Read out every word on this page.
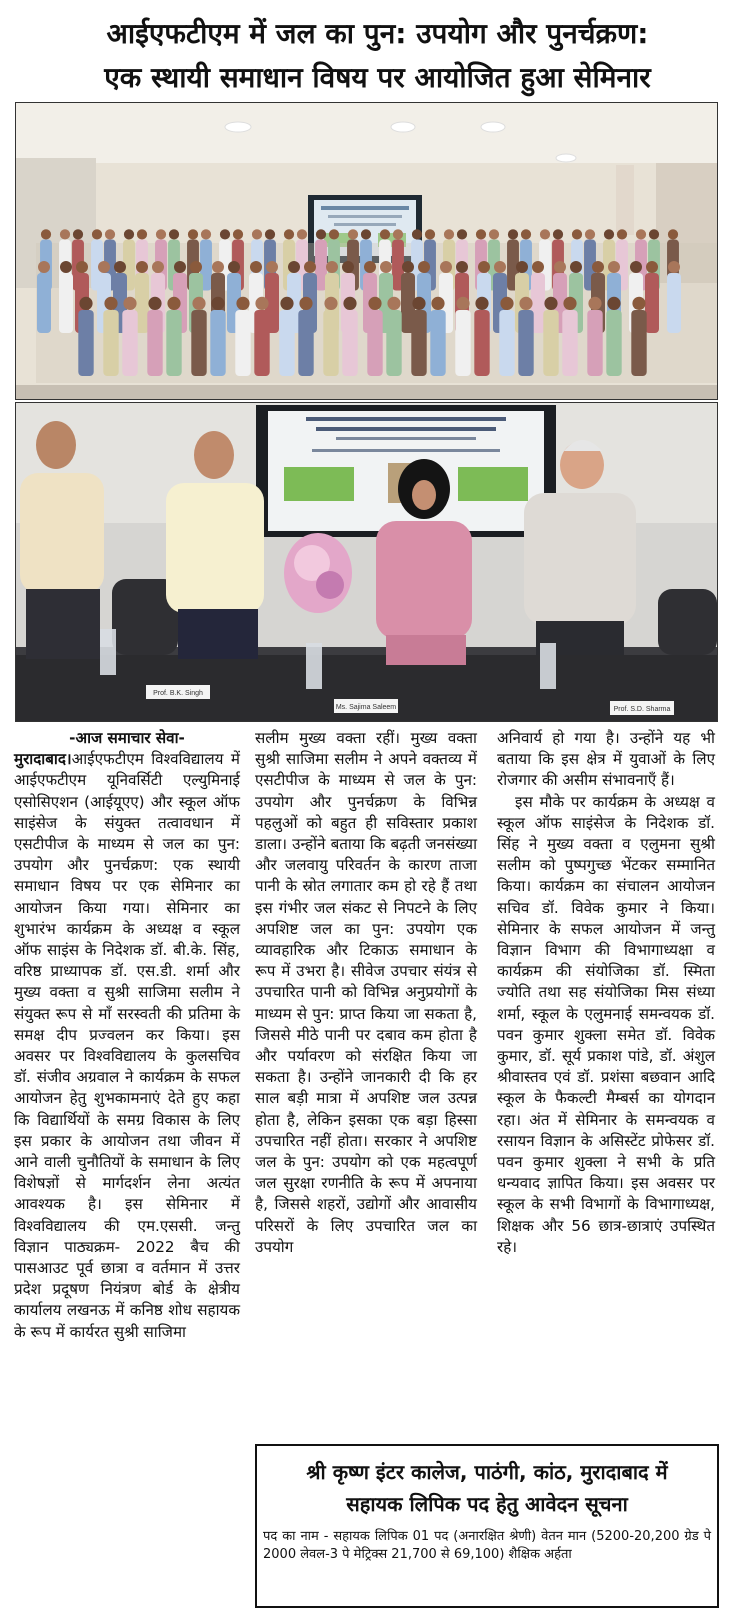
आईएफटीएम में जल का पुन: उपयोग और पुनर्चक्रण:
एक स्थायी समाधान विषय पर आयोजित हुआ सेमिनार
Prof. B.K. Singh
Ms. Sajima Saleem	Prof. S.D. Sharma

-आज समाचार सेवा-

मुरादाबाद।आईएफटीएम विश्वविद्यालय में आईएफटीएम यूनिवर्सिटी एल्युमिनाई एसोसिएशन (आईयूएए) और स्कूल ऑफ साइंसेज के संयुक्त तत्वावधान में एसटीपीज के माध्यम से जल का पुन: उपयोग और पुनर्चक्रण: एक स्थायी समाधान विषय पर एक सेमिनार का आयोजन किया गया। सेमिनार का शुभारंभ कार्यक्रम के अध्यक्ष व स्कूल ऑफ साइंस के निदेशक डॉ. बी.के. सिंह, वरिष्ठ प्राध्यापक डॉ. एस.डी. शर्मा और मुख्य वक्ता व सुश्री साजिमा सलीम ने संयुक्त रूप से माँ सरस्वती की प्रतिमा के समक्ष दीप प्रज्वलन कर किया। इस अवसर पर विश्वविद्यालय के कुलसचिव डॉ. संजीव अग्रवाल ने कार्यक्रम के सफल आयोजन हेतु शुभकामनाएं देते हुए कहा कि विद्यार्थियों के समग्र विकास के लिए इस प्रकार के आयोजन तथा जीवन में आने वाली चुनौतियों के समाधान के लिए विशेषज्ञों से मार्गदर्शन लेना अत्यंत आवश्यक है। इस सेमिनार में विश्वविद्यालय की एम.एससी. जन्तु विज्ञान पाठ्यक्रम- 2022 बैच की पासआउट पूर्व छात्रा व वर्तमान में उत्तर प्रदेश प्रदूषण नियंत्रण बोर्ड के क्षेत्रीय कार्यालय लखनऊ में कनिष्ठ शोध सहायक के रूप में कार्यरत सुश्री साजिमा

सलीम मुख्य वक्ता रहीं। मुख्य वक्ता सुश्री साजिमा सलीम ने अपने वक्तव्य में एसटीपीज के माध्यम से जल के पुन: उपयोग और पुनर्चक्रण के विभिन्न पहलुओं को बहुत ही सविस्तार प्रकाश डाला। उन्होंने बताया कि बढ़ती जनसंख्या और जलवायु परिवर्तन के कारण ताजा पानी के स्रोत लगातार कम हो रहे हैं तथा इस गंभीर जल संकट से निपटने के लिए अपशिष्ट जल का पुन: उपयोग एक व्यावहारिक और टिकाऊ समाधान के रूप में उभरा है। सीवेज उपचार संयंत्र से उपचारित पानी को विभिन्न अनुप्रयोगों के माध्यम से पुन: प्राप्त किया जा सकता है, जिससे मीठे पानी पर दबाव कम होता है और पर्यावरण को संरक्षित किया जा सकता है। उन्होंने जानकारी दी कि हर साल बड़ी मात्रा में अपशिष्ट जल उत्पन्न होता है, लेकिन इसका एक बड़ा हिस्सा उपचारित नहीं होता। सरकार ने अपशिष्ट जल के पुन: उपयोग को एक महत्वपूर्ण जल सुरक्षा रणनीति के रूप में अपनाया है, जिससे शहरों, उद्योगों और आवासीय परिसरों के लिए उपचारित जल का उपयोग

अनिवार्य हो गया है। उन्होंने यह भी बताया कि इस क्षेत्र में युवाओं के लिए रोजगार की असीम संभावनाएँ हैं।

इस मौके पर कार्यक्रम के अध्यक्ष व स्कूल ऑफ साइंसेज के निदेशक डॉ. सिंह ने मुख्य वक्ता व एलुमना सुश्री सलीम को पुष्पगुच्छ भेंटकर सम्मानित किया। कार्यक्रम का संचालन आयोजन सचिव डॉ. विवेक कुमार ने किया। सेमिनार के सफल आयोजन में जन्तु विज्ञान विभाग की विभागाध्यक्षा व कार्यक्रम की संयोजिका डॉ. स्मिता ज्योति तथा सह संयोजिका मिस संध्या शर्मा, स्कूल के एलुमनाई समन्वयक डॉ. पवन कुमार शुक्ला समेत डॉ. विवेक कुमार, डॉ. सूर्य प्रकाश पांडे, डॉ. अंशुल श्रीवास्तव एवं डॉ. प्रशंसा बछवान आदि स्कूल के फैकल्टी मैम्बर्स का योगदान रहा। अंत में सेमिनार के समन्वयक व रसायन विज्ञान के असिस्टेंट प्रोफेसर डॉ. पवन कुमार शुक्ला ने सभी के प्रति धन्यवाद ज्ञापित किया। इस अवसर पर स्कूल के सभी विभागों के विभागाध्यक्ष, शिक्षक और 56 छात्र-छात्राएं उपस्थित रहे।

श्री कृष्ण इंटर कालेज, पाठंगी, कांठ, मुरादाबाद में
सहायक लिपिक पद हेतु आवेदन सूचना
पद का नाम - सहायक लिपिक 01 पद (अनारक्षित श्रेणी) वेतन मान (5200-20,200 ग्रेड पे 2000 लेवल-3 पे मेट्रिक्स 21,700 से 69,100) शैक्षिक अर्हता
